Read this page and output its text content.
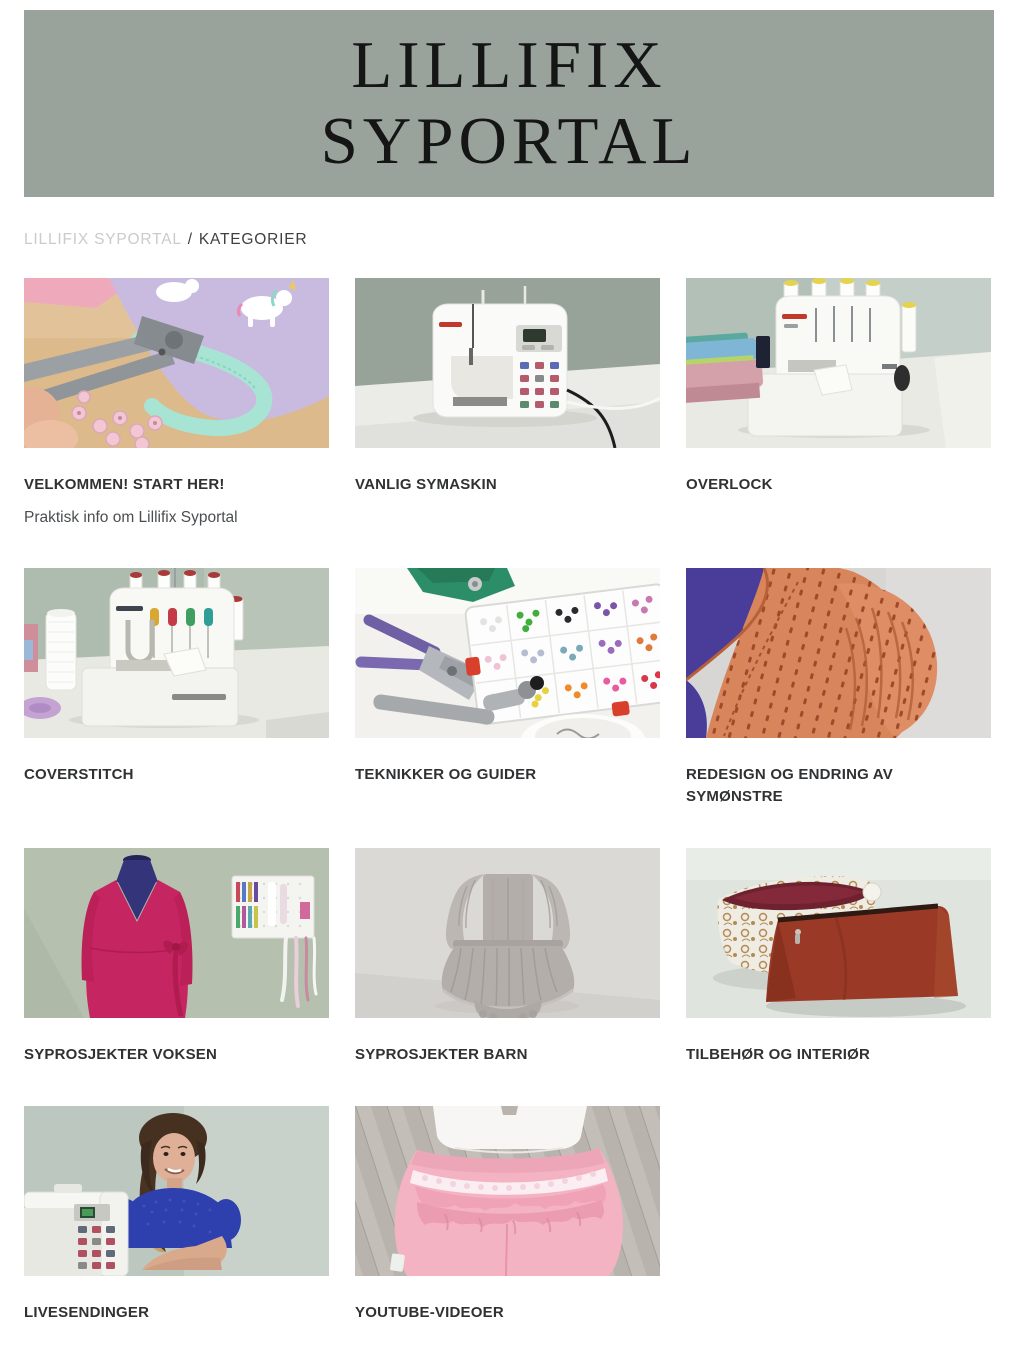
LILLIFIX
SYPORTAL
LILLIFIX SYPORTAL / KATEGORIER
VELKOMMEN! START HER!

Praktisk info om Lillifix Syportal

VANLIG SYMASKIN	OVERLOCK
COVERSTITCH	TEKNIKKER OG GUIDER	REDESIGN OG ENDRING AV SYMØNSTRE
SYPROSJEKTER VOKSEN	SYPROSJEKTER BARN	TILBEHØR OG INTERIØR
LIVESENDINGER	YOUTUBE-VIDEOER
